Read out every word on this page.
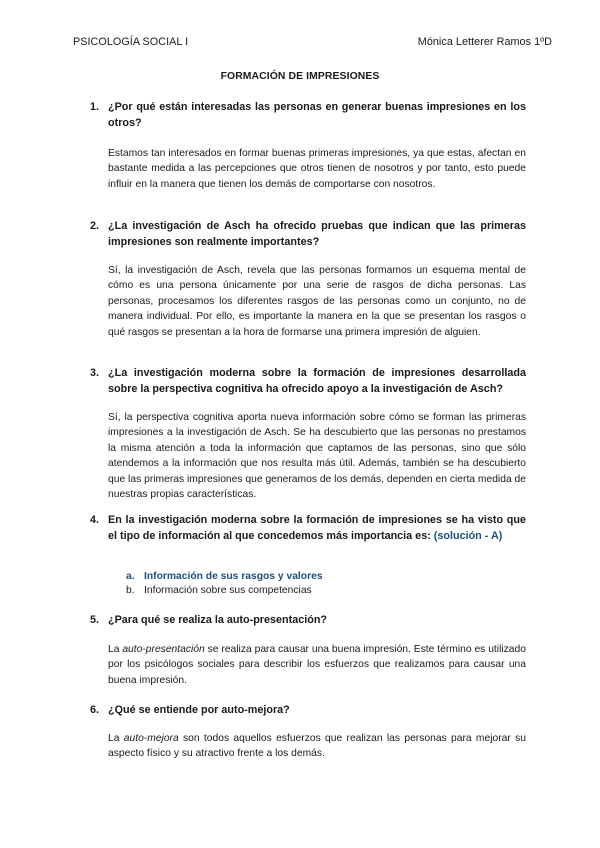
PSICOLOGÍA SOCIAL I	Mónica Letterer Ramos 1ºD
FORMACIÓN DE IMPRESIONES
1. ¿Por qué están interesadas las personas en generar buenas impresiones en los otros?
Estamos tan interesados en formar buenas primeras impresiones, ya que estas, afectan en bastante medida a las percepciones que otros tienen de nosotros y por tanto, esto puede influir en la manera que tienen los demás de comportarse con nosotros.
2. ¿La investigación de Asch ha ofrecido pruebas que indican que las primeras impresiones son realmente importantes?
Sí, la investigación de Asch, revela que las personas formamos un esquema mental de cómo es una persona únicamente por una serie de rasgos de dicha personas. Las personas, procesamos los diferentes rasgos de las personas como un conjunto, no de manera individual. Por ello, es importante la manera en la que se presentan los rasgos o qué rasgos se presentan a la hora de formarse una primera impresión de alguien.
3. ¿La investigación moderna sobre la formación de impresiones desarrollada sobre la perspectiva cognitiva ha ofrecido apoyo a la investigación de Asch?
Sí, la perspectiva cognitiva aporta nueva información sobre cómo se forman las primeras impresiones a la investigación de Asch. Se ha descubierto que las personas no prestamos la misma atención a toda la información que captamos de las personas, sino que sólo atendemos a la información que nos resulta más útil. Además, también se ha descubierto que las primeras impresiones que generamos de los demás, dependen en cierta medida de nuestras propias características.
4. En la investigación moderna sobre la formación de impresiones se ha visto que el tipo de información al que concedemos más importancia es: (solución - A)
a. Información de sus rasgos y valores
b. Información sobre sus competencias
5. ¿Para qué se realiza la auto-presentación?
La auto-presentación se realiza para causar una buena impresión. Este término es utilizado por los psicólogos sociales para describir los esfuerzos que realizamos para causar una buena impresión.
6. ¿Qué se entiende por auto-mejora?
La auto-mejora son todos aquellos esfuerzos que realizan las personas para mejorar su aspecto físico y su atractivo frente a los demás.
